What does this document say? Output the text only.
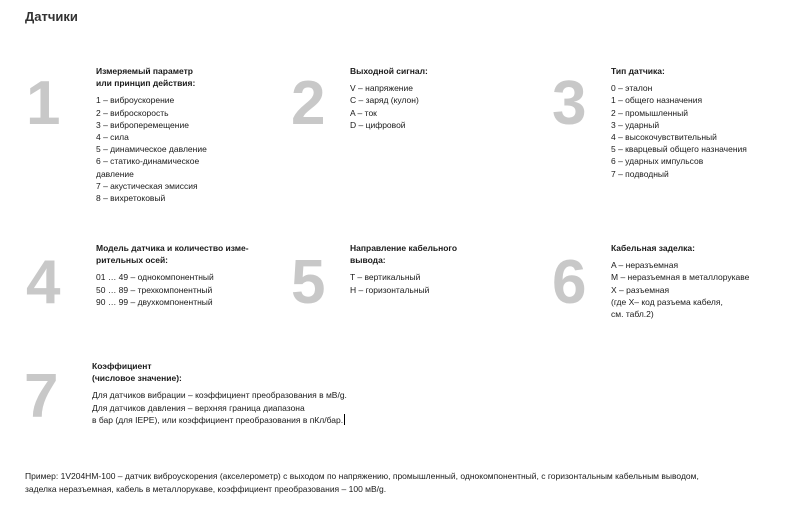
Датчики
1	Измеряемый параметр
или принцип действия:
1 – виброускорение
2 – виброскорость
3 – виброперемещение
4 – сила
5 – динамическое давление
6 – статико-динамическое
давление
7 – акустическая эмиссия
8 – вихретоковый
2	Выходной сигнал:
V – напряжение
C – заряд (кулон)
A – ток
D – цифровой	3	Тип датчика:
0 – эталон
1 – общего назначения
2 – промышленный
3 – ударный
4 – высокочувствительный
5 – кварцевый общего назначения
6 – ударных импульсов
7 – подводный
4	Модель датчика и количество изме-
рительных осей:
01 … 49 – однокомпонентный
50 … 89 – трехкомпонентный
90 … 99 – двухкомпонентный	5	Направление кабельного
вывода:
T – вертикальный
H – горизонтальный	6	Кабельная заделка:
A – неразъемная
M – неразъемная в металлорукаве
X – разъемная
(где X– код разъема кабеля,
см. табл.2)
7	Коэффициент
(числовое значение):
Для датчиков вибрации – коэффициент преобразования в мВ/g.
Для датчиков давления – верхняя граница диапазона
в бар (для IEPE), или коэффициент преобразования в пКл/бар.
Пример: 1V204HM-100 – датчик виброускорения (акселерометр) с выходом по напряжению, промышленный, однокомпонентный, с горизонтальным кабельным выводом,
заделка неразъемная, кабель в металлорукаве, коэффициент преобразования – 100 мВ/g.
